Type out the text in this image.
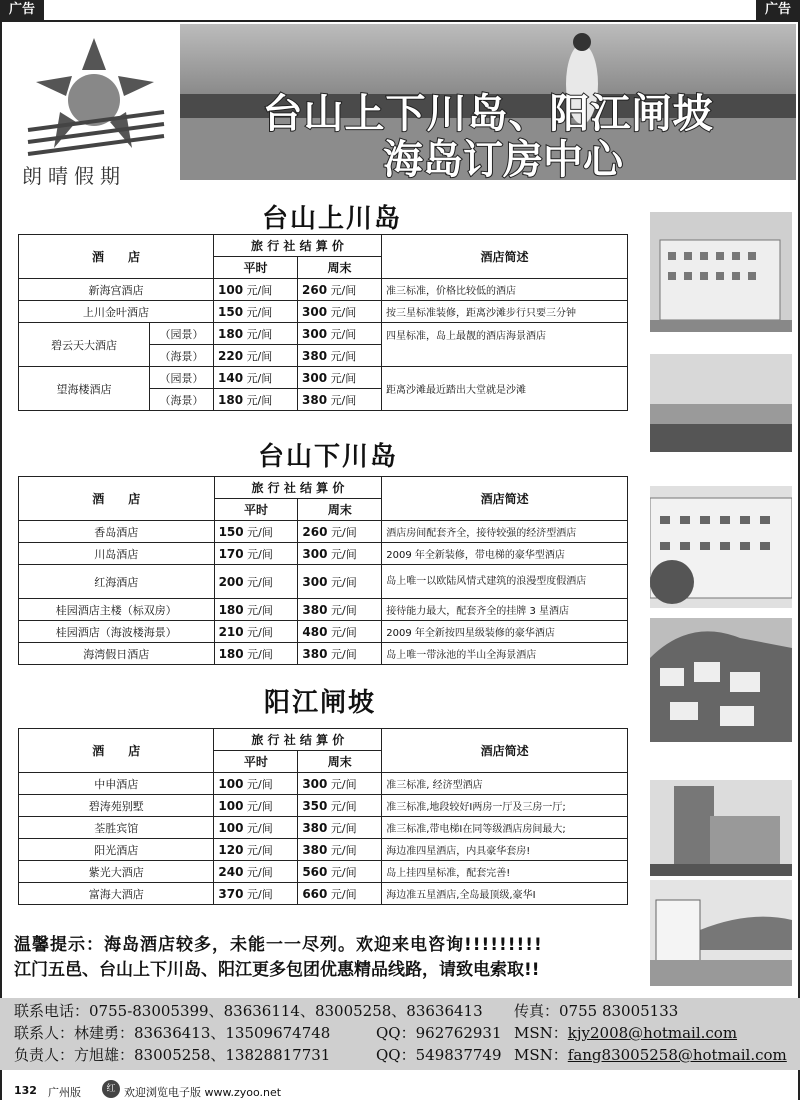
广告	广告
朗晴假期
台山上下川岛、阳江闸坡
海岛订房中心
台山上川岛
酒　　店		旅 行 社 结 算 价		酒店简述
		平时	周末	
新海宫酒店		100 元/间	260 元/间	准三标准，价格比较低的酒店
上川金叶酒店		150 元/间	300 元/间	按三星标准装修，距离沙滩步行只要三分钟
碧云天大酒店	（园景）	180 元/间	300 元/间	四星标准，岛上最靓的酒店海景酒店
	（海景）	220 元/间	380 元/间	
望海楼酒店	（园景）	140 元/间	300 元/间	距离沙滩最近踏出大堂就是沙滩
	（海景）	180 元/间	380 元/间	
台山下川岛
酒　　店	旅 行 社 结 算 价		酒店简述
	平时	周末	
香岛酒店	150 元/间	260 元/间	酒店房间配套齐全，接待较强的经济型酒店
川岛酒店	170 元/间	300 元/间	2009 年全新装修，带电梯的豪华型酒店
红海酒店	200 元/间	300 元/间	岛上唯一以欧陆风情式建筑的浪漫型度假酒店
桂园酒店主楼（标双房）	180 元/间	380 元/间	接待能力最大，配套齐全的挂牌 3 星酒店
桂园酒店（海波楼海景）	210 元/间	480 元/间	2009 年全新按四星级装修的豪华酒店
海湾假日酒店	180 元/间	380 元/间	岛上唯一带泳池的半山全海景酒店
阳江闸坡
酒　　店	旅 行 社 结 算 价		酒店简述
	平时	周末	
中申酒店	100 元/间	300 元/间	准三标准, 经济型酒店
碧涛苑别墅	100 元/间	350 元/间	准三标准,地段较好I两房一厅及三房一厅;
荃胜宾馆	100 元/间	380 元/间	准三标准,带电梯I在同等级酒店房间最大;
阳光酒店	120 元/间	380 元/间	海边准四星酒店，内具豪华套房!
紫光大酒店	240 元/间	560 元/间	岛上挂四星标准，配套完善!
富海大酒店	370 元/间	660 元/间	海边准五星酒店,全岛最顶级,豪华I
温馨提示：海岛酒店较多，未能一一尽列。欢迎来电咨询!!!!!!!!!
江门五邑、台山上下川岛、阳江更多包团优惠精品线路，请致电索取!!
联系电话：0755-83005399、83636114、83005258、83636413 传真：0755 83005133
联系人：林建勇：83636413、13509674748	QQ：962762931 MSN：kjy2008@hotmail.com
负责人：方旭雄：83005258、13828817731	QQ：549837749 MSN：fang83005258@hotmail.com
132 广州版	红 欢迎浏览电子版 www.zyoo.net
